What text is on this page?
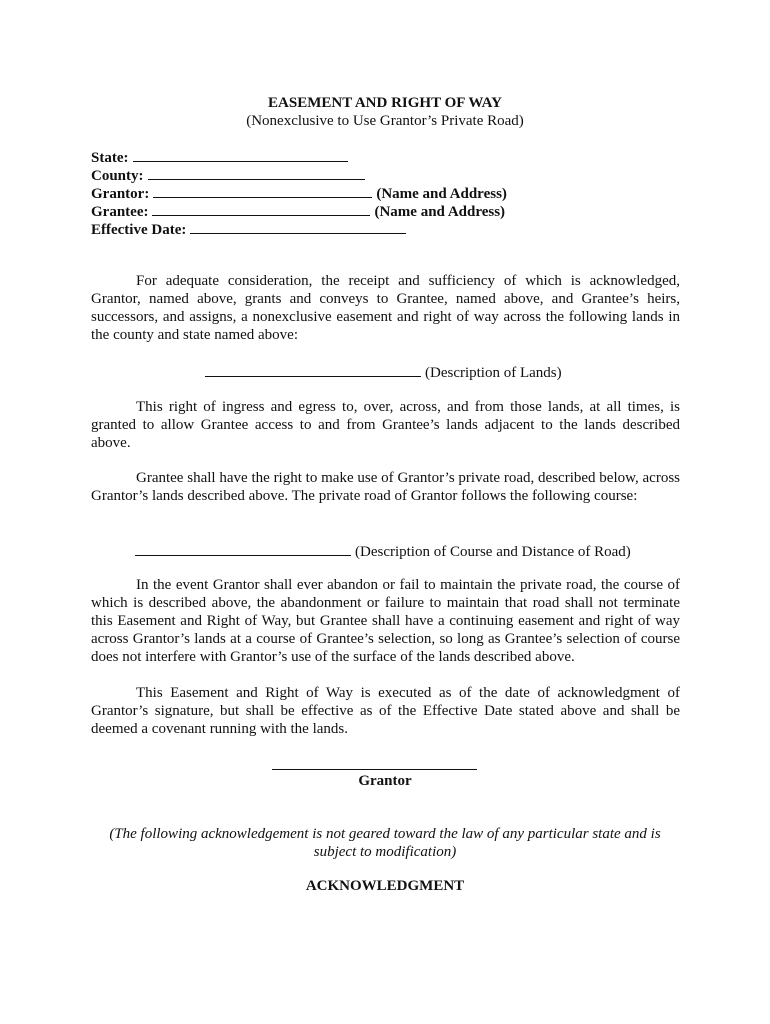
EASEMENT AND RIGHT OF WAY
(Nonexclusive to Use Grantor’s Private Road)
State:
County:
Grantor:	(Name and Address)
Grantee:	(Name and Address)
Effective Date:
For adequate consideration, the receipt and sufficiency of which is acknowledged, Grantor, named above, grants and conveys to Grantee, named above, and Grantee’s heirs, successors, and assigns, a nonexclusive easement and right of way across the following lands in the county and state named above:
(Description of Lands)
This right of ingress and egress to, over, across, and from those lands, at all times, is granted to allow Grantee access to and from Grantee’s lands adjacent to the lands described above.
Grantee shall have the right to make use of Grantor’s private road, described below, across Grantor’s lands described above. The private road of Grantor follows the following course:
(Description of Course and Distance of Road)
In the event Grantor shall ever abandon or fail to maintain the private road, the course of which is described above, the abandonment or failure to maintain that road shall not terminate this Easement and Right of Way, but Grantee shall have a continuing easement and right of way across Grantor’s lands at a course of Grantee’s selection, so long as Grantee’s selection of course does not interfere with Grantor’s use of the surface of the lands described above.
This Easement and Right of Way is executed as of the date of acknowledgment of Grantor’s signature, but shall be effective as of the Effective Date stated above and shall be deemed a covenant running with the lands.
Grantor
(The following acknowledgement is not geared toward the law of any particular state and is subject to modification)
ACKNOWLEDGMENT
